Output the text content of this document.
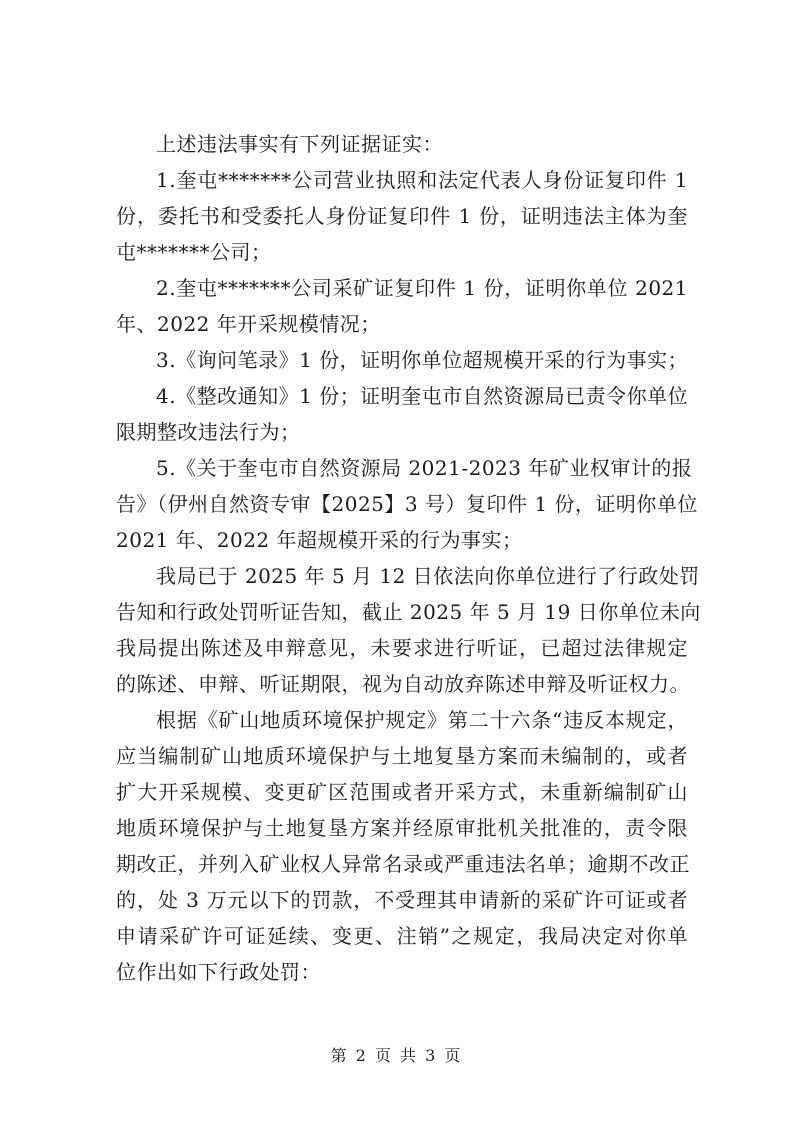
上述违法事实有下列证据证实：
1.奎屯*******公司营业执照和法定代表人身份证复印件 1
份，委托书和受委托人身份证复印件 1 份，证明违法主体为奎
屯*******公司；
2.奎屯*******公司采矿证复印件 1 份，证明你单位 2021
年、2022 年开采规模情况；
3.《询问笔录》1 份，证明你单位超规模开采的行为事实；
4.《整改通知》1 份；证明奎屯市自然资源局已责令你单位
限期整改违法行为；
5.《关于奎屯市自然资源局 2021-2023 年矿业权审计的报
告》（伊州自然资专审【2025】3 号）复印件 1 份，证明你单位
2021 年、2022 年超规模开采的行为事实；
我局已于 2025 年 5 月 12 日依法向你单位进行了行政处罚
告知和行政处罚听证告知，截止 2025 年 5 月 19 日你单位未向
我局提出陈述及申辩意见，未要求进行听证，已超过法律规定
的陈述、申辩、听证期限，视为自动放弃陈述申辩及听证权力。
根据《矿山地质环境保护规定》第二十六条“违反本规定，
应当编制矿山地质环境保护与土地复垦方案而未编制的，或者
扩大开采规模、变更矿区范围或者开采方式，未重新编制矿山
地质环境保护与土地复垦方案并经原审批机关批准的，责令限
期改正，并列入矿业权人异常名录或严重违法名单；逾期不改正
的，处 3 万元以下的罚款，不受理其申请新的采矿许可证或者
申请采矿许可证延续、变更、注销”之规定，我局决定对你单
位作出如下行政处罚：
第 2 页 共 3 页
